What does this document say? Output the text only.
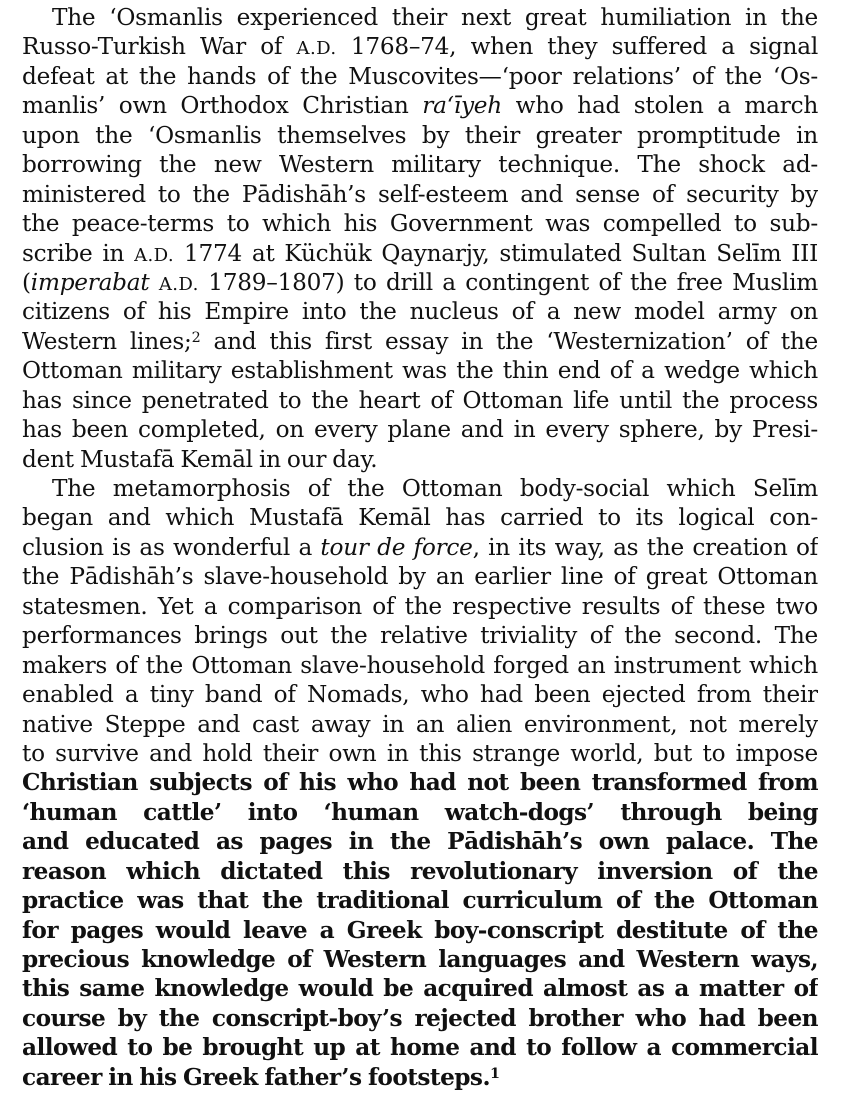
The ‘Osmanlis experienced their next great humiliation in the
Russo-Turkish War of A.D. 1768–74, when they suffered a signal
defeat at the hands of the Muscovites—‘poor relations’ of the ‘Os-
manlis’ own Orthodox Christian ra‘īyeh who had stolen a march
upon the ‘Osmanlis themselves by their greater promptitude in
borrowing the new Western military technique. The shock ad-
ministered to the Pādishāh’s self-esteem and sense of security by
the peace-terms to which his Government was compelled to sub-
scribe in A.D. 1774 at Küchük Qaynarjy, stimulated Sultan Selīm III
(imperabat A.D. 1789–1807) to drill a contingent of the free Muslim
citizens of his Empire into the nucleus of a new model army on
Western lines;$^2$ and this first essay in the ‘Westernization’ of the
Ottoman military establishment was the thin end of a wedge which
has since penetrated to the heart of Ottoman life until the process
has been completed, on every plane and in every sphere, by Presi-
dent Mustafā Kemāl in our day.
The metamorphosis of the Ottoman body-social which Selīm
began and which Mustafā Kemāl has carried to its logical con-
clusion is as wonderful a tour de force, in its way, as the creation of
the Pādishāh’s slave-household by an earlier line of great Ottoman
statesmen. Yet a comparison of the respective results of these two
performances brings out the relative triviality of the second. The
makers of the Ottoman slave-household forged an instrument which
enabled a tiny band of Nomads, who had been ejected from their
native Steppe and cast away in an alien environment, not merely
to survive and hold their own in this strange world, but to impose
Christian subjects of his who had not been transformed from
‘human cattle’ into ‘human watch-dogs’ through being
and educated as pages in the Pādishāh’s own palace. The
reason which dictated this revolutionary inversion of the
practice was that the traditional curriculum of the Ottoman
for pages would leave a Greek boy-conscript destitute of the
precious knowledge of Western languages and Western ways,
this same knowledge would be acquired almost as a matter of
course by the conscript-boy’s rejected brother who had been
allowed to be brought up at home and to follow a commercial
career in his Greek father’s footsteps.$^1$
